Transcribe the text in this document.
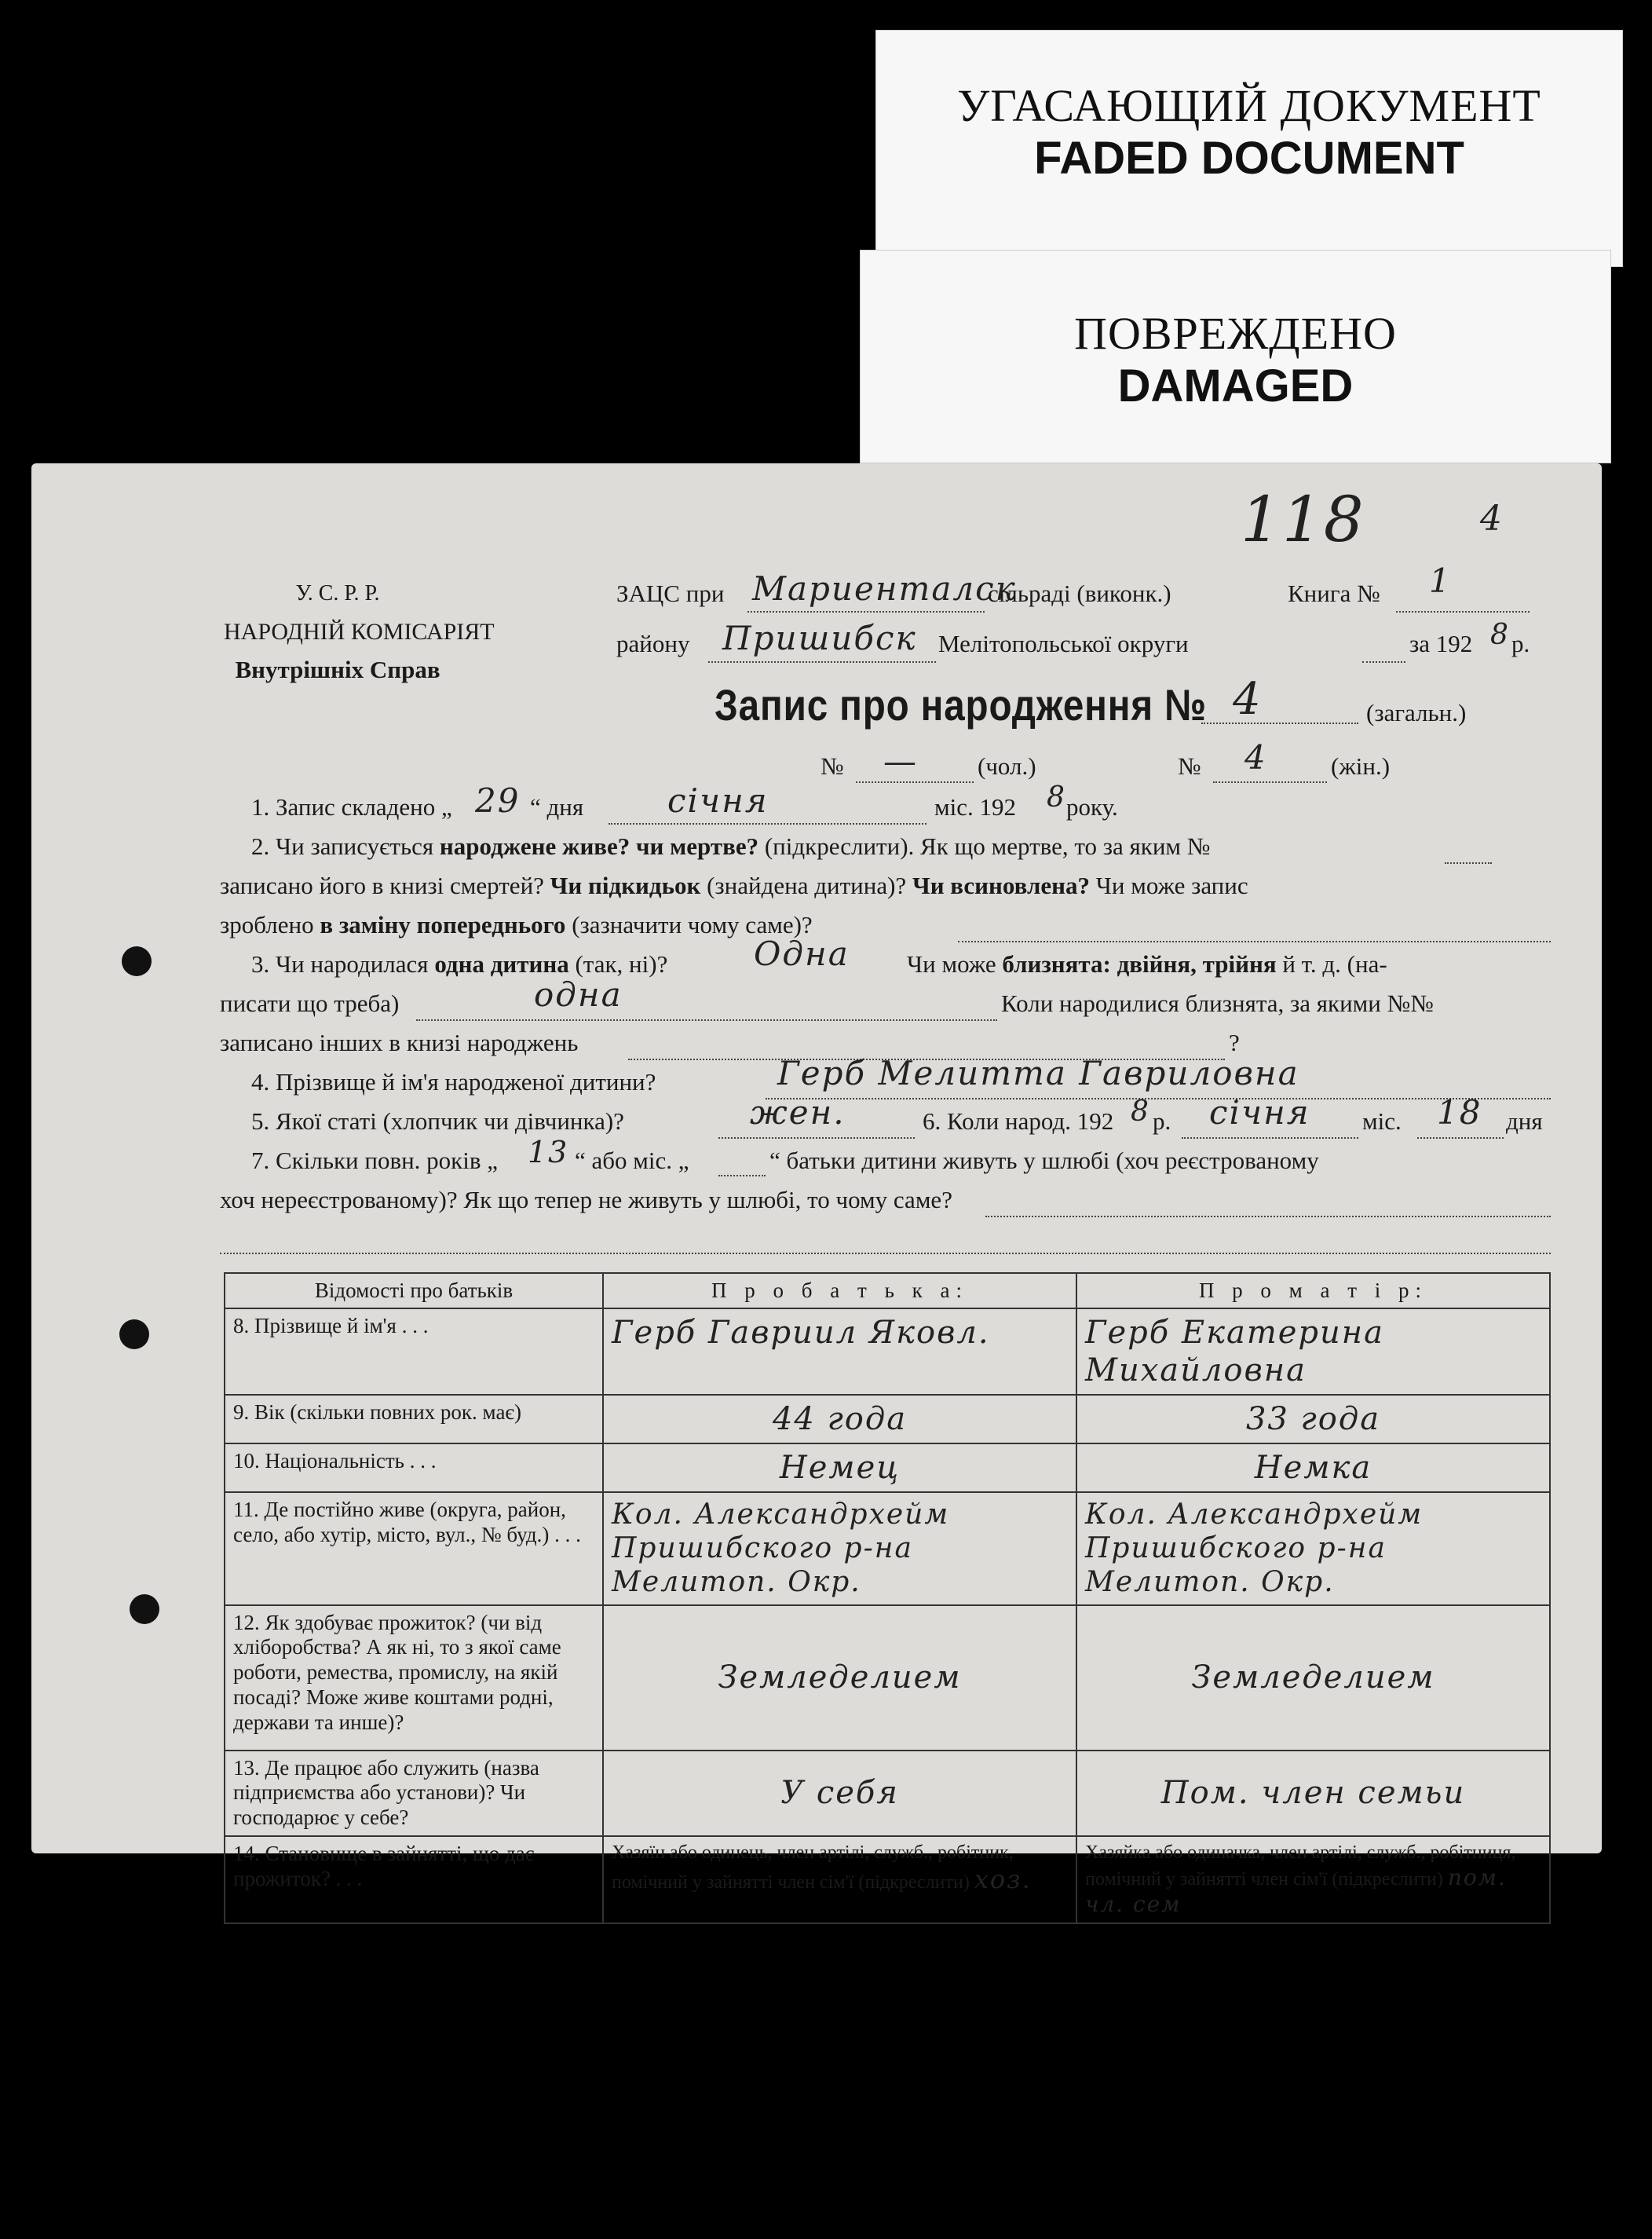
УГАСАЮЩИЙ ДОКУМЕНТ
FADED DOCUMENT
ПОВРЕЖДЕНО
DAMAGED
118	4
У. С. Р. Р.
НАРОДНІЙ КОМІСАРІЯТ
Внутрішніх Справ
ЗАЦС при Мариенталск
сільраді (виконк.)	Книга № 1
району Пришибск Мелітопольської округи	за 192 8 р.
Запис про народження № 4	(загальн.)
№ — (чол.)	№ 4	(жін.)
1. Запис складено „ 29 “ дня	січня	міс. 192 8 року.
2. Чи записується народжене живе? чи мертве? (підкреслити). Як що мертве, то за яким №
записано його в книзі смертей? Чи підкидьок (знайдена дитина)? Чи всиновлена? Чи може запис
зроблено в заміну попереднього (зазначити чому саме)?
3. Чи народилася одна дитина (так, ні)?	Одна Чи може близнята: двійня, трійня й т. д. (на-
писати що треба)	одна	Коли народилися близнята, за якими №№
записано інших в книзі народжень	?
4. Прізвище й ім'я народженої дитини?	Герб Мелитта Гавриловна
5. Якої статі (хлопчик чи дівчинка)?	жен.	6. Коли народ. 192 8 р. січня міс. 18 дня
7. Скільки повн. років „ 13 “ або міс. „	“ батьки дитини живуть у шлюбі (хоч реєстрованому
хоч нереєстрованому)? Як що тепер не живуть у шлюбі, то чому саме?
Відомості про батьків	П р о б а т ь к а:	П р о м а т і р:
8. Прізвище й ім'я . . .	Герб Гавриил Яковл.	Герб Екатерина Михайловна
9. Вік (скільки повних рок. має)	44 года	33 года
10. Національність . . .	Немец	Немка
11. Де постійно живе (округа, район, село, або хутір, місто, вул., № буд.) . . .	Кол. Александрхейм Пришибского р-на Мелитоп. Окр.	Кол. Александрхейм Пришибского р-на Мелитоп. Окр.
12. Як здобуває прожиток? (чи від хліборобства? А як ні, то з якої саме роботи, ремества, промислу, на якій посаді? Може живе коштами родні, держави та инше)?	Земледелием	Земледелием
13. Де працює або служить (назва підприємства або установи)? Чи господарює у себе?	У себя	Пом. член семьи
14. Становище в зайнятті, що дає прожиток? . . .	Хазяїн або одинець, член артілі, служб., робітник, помічний у зайнятті член сім'ї (підкреслити) хоз.	Хазяйка або одиначка, член артілі, служб., робітниця, помічний у зайнятті член сім'ї (підкреслити) пом. чл. сем
